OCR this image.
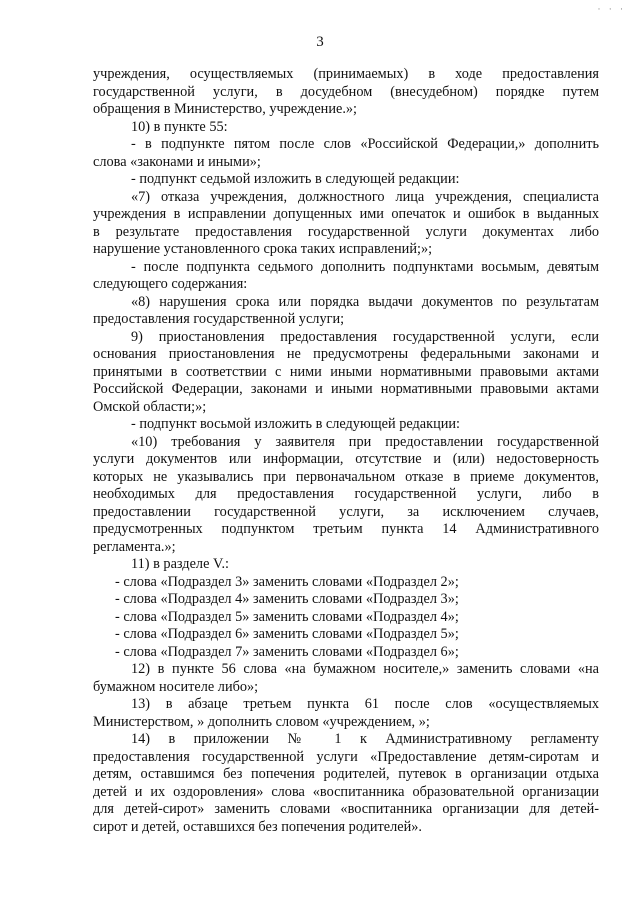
· · ·
3
учреждения, осуществляемых (принимаемых) в ходе предоставления
государственной услуги, в досудебном (внесудебном) порядке путем
обращения в Министерство, учреждение.»;
10) в пункте 55:
- в подпункте пятом после слов «Российской Федерации,» дополнить
слова «законами и иными»;
- подпункт седьмой изложить в следующей редакции:
«7) отказа учреждения, должностного лица учреждения, специалиста
учреждения в исправлении допущенных ими опечаток и ошибок в выданных
в результате предоставления государственной услуги документах либо
нарушение установленного срока таких исправлений;»;
- после подпункта седьмого дополнить подпунктами восьмым, девятым
следующего содержания:
«8) нарушения срока или порядка выдачи документов по результатам
предоставления государственной услуги;
9) приостановления предоставления государственной услуги, если
основания приостановления не предусмотрены федеральными законами и
принятыми в соответствии с ними иными нормативными правовыми актами
Российской Федерации, законами и иными нормативными правовыми актами
Омской области;»;
- подпункт восьмой изложить в следующей редакции:
«10) требования у заявителя при предоставлении государственной
услуги документов или информации, отсутствие и (или) недостоверность
которых не указывались при первоначальном отказе в приеме документов,
необходимых для предоставления государственной услуги, либо в
предоставлении государственной услуги, за исключением случаев,
предусмотренных подпунктом третьим пункта 14 Административного
регламента.»;
11) в разделе V.:
- слова «Подраздел 3» заменить словами «Подраздел 2»;
- слова «Подраздел 4» заменить словами «Подраздел 3»;
- слова «Подраздел 5» заменить словами «Подраздел 4»;
- слова «Подраздел 6» заменить словами «Подраздел 5»;
- слова «Подраздел 7» заменить словами «Подраздел 6»;
12) в пункте 56 слова «на бумажном носителе,» заменить словами «на
бумажном носителе либо»;
13) в абзаце третьем пункта 61 после слов «осуществляемых
Министерством, » дополнить словом «учреждением, »;
14) в приложении № 1 к Административному регламенту
предоставления государственной услуги «Предоставление детям-сиротам и
детям, оставшимся без попечения родителей, путевок в организации отдыха
детей и их оздоровления» слова «воспитанника образовательной организации
для детей-сирот» заменить словами «воспитанника организации для детей-
сирот и детей, оставшихся без попечения родителей».
